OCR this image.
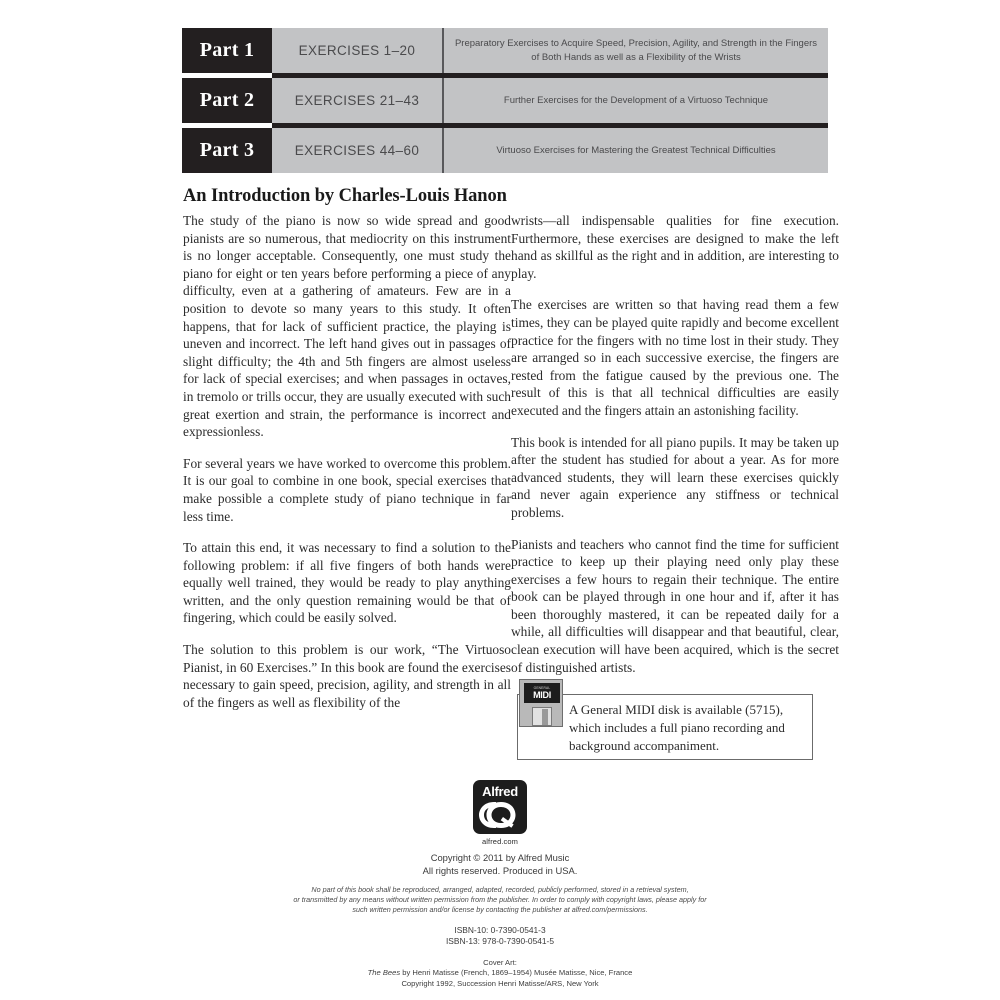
Part 1	EXERCISES 1–20	Preparatory Exercises to Acquire Speed, Precision, Agility, and Strength in the Fingers of Both Hands as well as a Flexibility of the Wrists
Part 2	EXERCISES 21–43	Further Exercises for the Development of a Virtuoso Technique
Part 3	EXERCISES 44–60	Virtuoso Exercises for Mastering the Greatest Technical Difficulties
An Introduction by Charles-Louis Hanon

The study of the piano is now so wide spread and good pianists are so numerous, that mediocrity on this instrument is no longer acceptable. Consequently, one must study the piano for eight or ten years before performing a piece of any difficulty, even at a gathering of amateurs. Few are in a position to devote so many years to this study. It often happens, that for lack of sufficient practice, the playing is uneven and incorrect. The left hand gives out in passages of slight difficulty; the 4th and 5th fingers are almost useless for lack of special exercises; and when passages in octaves, in tremolo or trills occur, they are usually executed with such great exertion and strain, the performance is incorrect and expressionless.

For several years we have worked to overcome this problem. It is our goal to combine in one book, special exercises that make possible a complete study of piano technique in far less time.

To attain this end, it was necessary to find a solution to the following problem: if all five fingers of both hands were equally well trained, they would be ready to play anything written, and the only question remaining would be that of fingering, which could be easily solved.

The solution to this problem is our work, “The Virtuoso Pianist, in 60 Exercises.” In this book are found the exercises necessary to gain speed, precision, agility, and strength in all of the fingers as well as flexibility of the

wrists—all indispensable qualities for fine execution. Furthermore, these exercises are designed to make the left hand as skillful as the right and in addition, are interesting to play.

The exercises are written so that having read them a few times, they can be played quite rapidly and become excellent practice for the fingers with no time lost in their study. They are arranged so in each successive exercise, the fingers are rested from the fatigue caused by the previous one. The result of this is that all technical difficulties are easily executed and the fingers attain an astonishing facility.

This book is intended for all piano pupils. It may be taken up after the student has studied for about a year. As for more advanced students, they will learn these exercises quickly and never again experience any stiffness or technical problems.

Pianists and teachers who cannot find the time for sufficient practice to keep up their playing need only play these exercises a few hours to regain their technique. The entire book can be played through in one hour and if, after it has been thoroughly mastered, it can be repeated daily for a while, all difficulties will disappear and that beautiful, clear, clean execution will have been acquired, which is the secret of distinguished artists.

GENERAL
MIDI
A General MIDI disk is available (5715),
which includes a full piano recording and
background accompaniment.
Alfred
alfred.com
Copyright © 2011 by Alfred Music
All rights reserved. Produced in USA.
No part of this book shall be reproduced, arranged, adapted, recorded, publicly performed, stored in a retrieval system,
or transmitted by any means without written permission from the publisher. In order to comply with copyright laws, please apply for
such written permission and/or license by contacting the publisher at alfred.com/permissions.
ISBN-10: 0-7390-0541-3
ISBN-13: 978-0-7390-0541-5
Cover Art:
The Bees by Henri Matisse (French, 1869–1954) Musée Matisse, Nice, France
Copyright 1992, Succession Henri Matisse/ARS, New York
